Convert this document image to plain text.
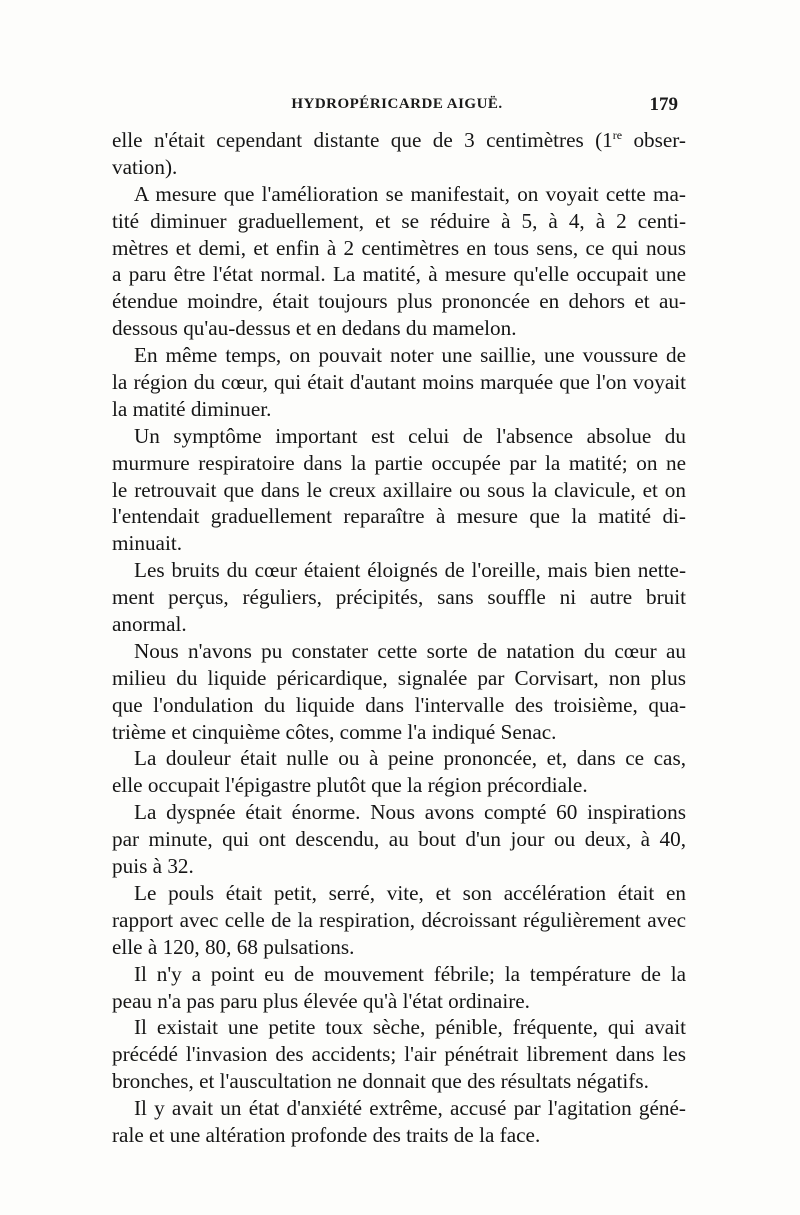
HYDROPÉRICARDE AIGUË.	179
elle n'était cependant distante que de 3 centimètres (1re obser-
vation).
A mesure que l'amélioration se manifestait, on voyait cette ma-
tité diminuer graduellement, et se réduire à 5, à 4, à 2 centi-
mètres et demi, et enfin à 2 centimètres en tous sens, ce qui nous
a paru être l'état normal. La matité, à mesure qu'elle occupait une
étendue moindre, était toujours plus prononcée en dehors et au-
dessous qu'au-dessus et en dedans du mamelon.
En même temps, on pouvait noter une saillie, une voussure de
la région du cœur, qui était d'autant moins marquée que l'on voyait
la matité diminuer.
Un symptôme important est celui de l'absence absolue du
murmure respiratoire dans la partie occupée par la matité; on ne
le retrouvait que dans le creux axillaire ou sous la clavicule, et on
l'entendait graduellement reparaître à mesure que la matité di-
minuait.
Les bruits du cœur étaient éloignés de l'oreille, mais bien nette-
ment perçus, réguliers, précipités, sans souffle ni autre bruit
anormal.
Nous n'avons pu constater cette sorte de natation du cœur au
milieu du liquide péricardique, signalée par Corvisart, non plus
que l'ondulation du liquide dans l'intervalle des troisième, qua-
trième et cinquième côtes, comme l'a indiqué Senac.
La douleur était nulle ou à peine prononcée, et, dans ce cas,
elle occupait l'épigastre plutôt que la région précordiale.
La dyspnée était énorme. Nous avons compté 60 inspirations
par minute, qui ont descendu, au bout d'un jour ou deux, à 40,
puis à 32.
Le pouls était petit, serré, vite, et son accélération était en
rapport avec celle de la respiration, décroissant régulièrement avec
elle à 120, 80, 68 pulsations.
Il n'y a point eu de mouvement fébrile; la température de la
peau n'a pas paru plus élevée qu'à l'état ordinaire.
Il existait une petite toux sèche, pénible, fréquente, qui avait
précédé l'invasion des accidents; l'air pénétrait librement dans les
bronches, et l'auscultation ne donnait que des résultats négatifs.
Il y avait un état d'anxiété extrême, accusé par l'agitation géné-
rale et une altération profonde des traits de la face.
